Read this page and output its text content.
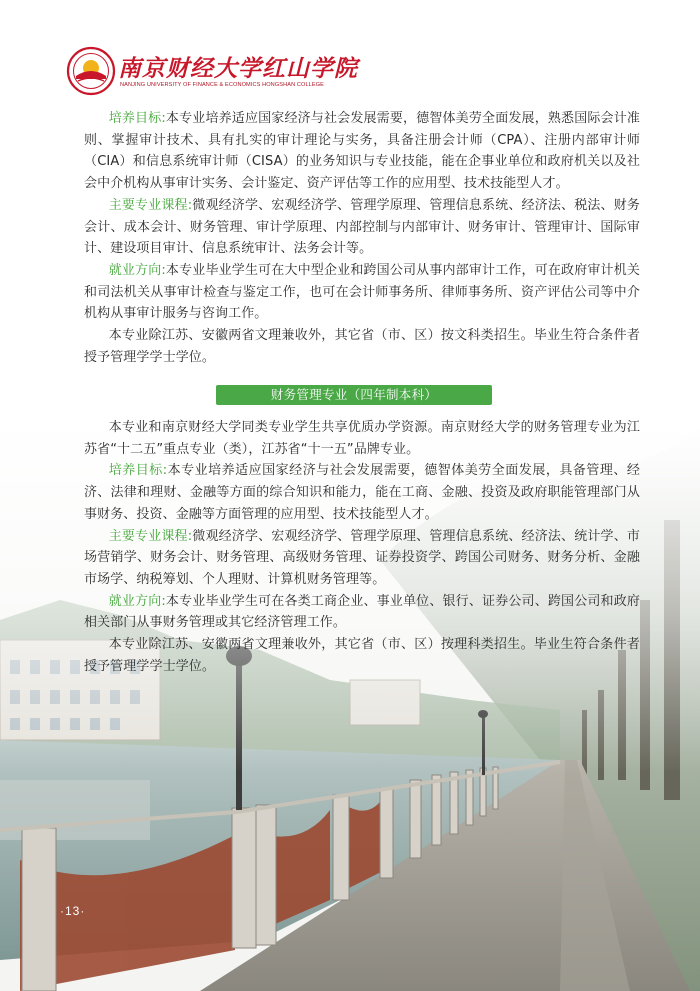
南京财经大学红山学院
NANJING UNIVERSITY OF FINANCE & ECONOMICS HONGSHAN COLLEGE

培养目标:本专业培养适应国家经济与社会发展需要，德智体美劳全面发展，熟悉国际会计准则、掌握审计技术、具有扎实的审计理论与实务，具备注册会计师（CPA）、注册内部审计师（CIA）和信息系统审计师（CISA）的业务知识与专业技能，能在企事业单位和政府机关以及社会中介机构从事审计实务、会计鉴定、资产评估等工作的应用型、技术技能型人才。

主要专业课程:微观经济学、宏观经济学、管理学原理、管理信息系统、经济法、税法、财务会计、成本会计、财务管理、审计学原理、内部控制与内部审计、财务审计、管理审计、国际审计、建设项目审计、信息系统审计、法务会计等。

就业方向:本专业毕业学生可在大中型企业和跨国公司从事内部审计工作，可在政府审计机关和司法机关从事审计检查与鉴定工作，也可在会计师事务所、律师事务所、资产评估公司等中介机构从事审计服务与咨询工作。

本专业除江苏、安徽两省文理兼收外，其它省（市、区）按文科类招生。毕业生符合条件者授予管理学学士学位。

财务管理专业（四年制本科）

本专业和南京财经大学同类专业学生共享优质办学资源。南京财经大学的财务管理专业为江苏省“十二五”重点专业（类），江苏省“十一五”品牌专业。

培养目标:本专业培养适应国家经济与社会发展需要，德智体美劳全面发展，具备管理、经济、法律和理财、金融等方面的综合知识和能力，能在工商、金融、投资及政府职能管理部门从事财务、投资、金融等方面管理的应用型、技术技能型人才。

主要专业课程:微观经济学、宏观经济学、管理学原理、管理信息系统、经济法、统计学、市场营销学、财务会计、财务管理、高级财务管理、证券投资学、跨国公司财务、财务分析、金融市场学、纳税筹划、个人理财、计算机财务管理等。

就业方向:本专业毕业学生可在各类工商企业、事业单位、银行、证券公司、跨国公司和政府相关部门从事财务管理或其它经济管理工作。

本专业除江苏、安徽两省文理兼收外，其它省（市、区）按理科类招生。毕业生符合条件者授予管理学学士学位。

·13·
